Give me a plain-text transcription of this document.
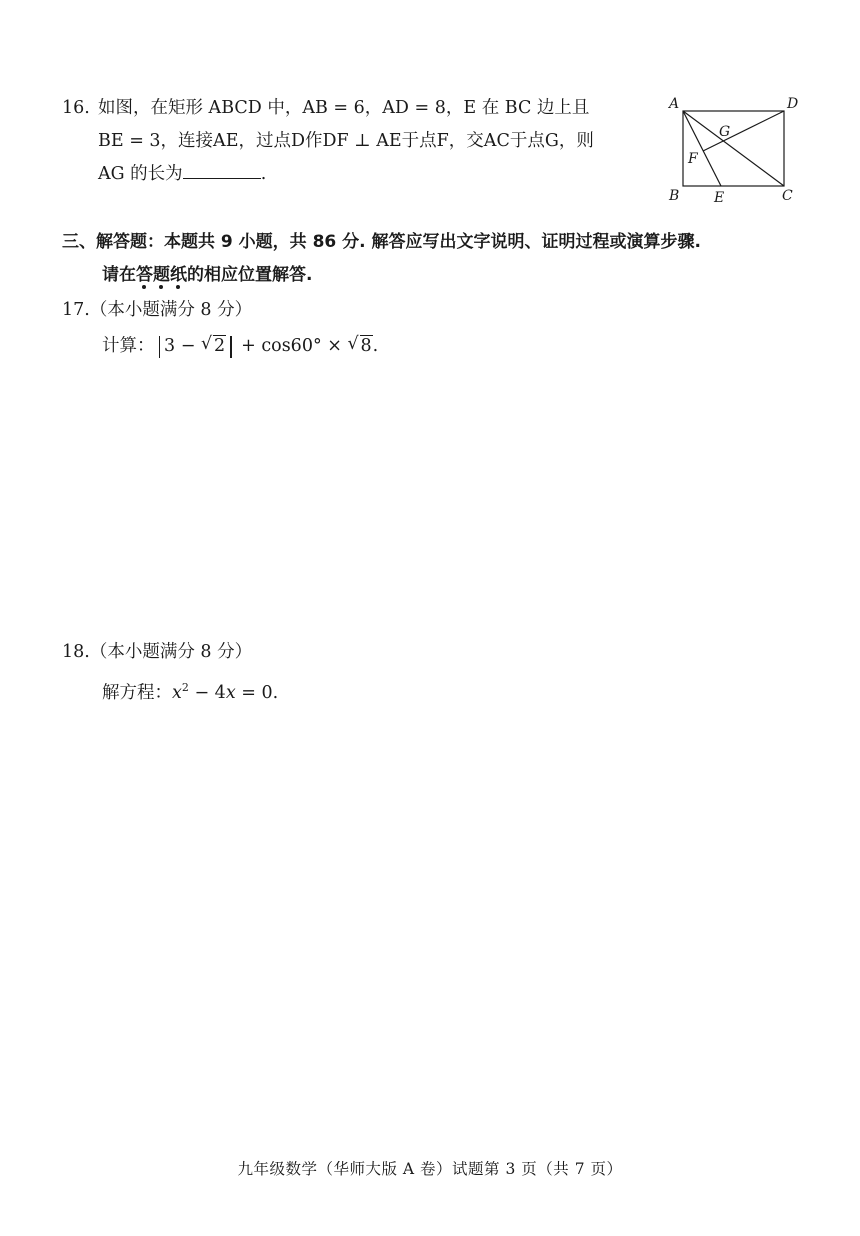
16. 如图，在矩形 ABCD 中，AB = 6，AD = 8，E 在 BC 边上且
BE = 3，连接AE，过点D作DF ⊥ AE于点F，交AC于点G，则
AG 的长为	.
A	D
B	C
E
F
G
三、解答题：本题共 9 小题，共 86 分. 解答应写出文字说明、证明过程或演算步骤.
请在答题纸
的相应位置解答.
17.（本小题满分 8 分）
计算： 3 − √ 2 + cos60° × √ 8.
18.（本小题满分 8 分）
解方程：$x^2 - 4x = 0$.
九年级数学（华师大版 A 卷）试题第 3 页（共 7 页）
